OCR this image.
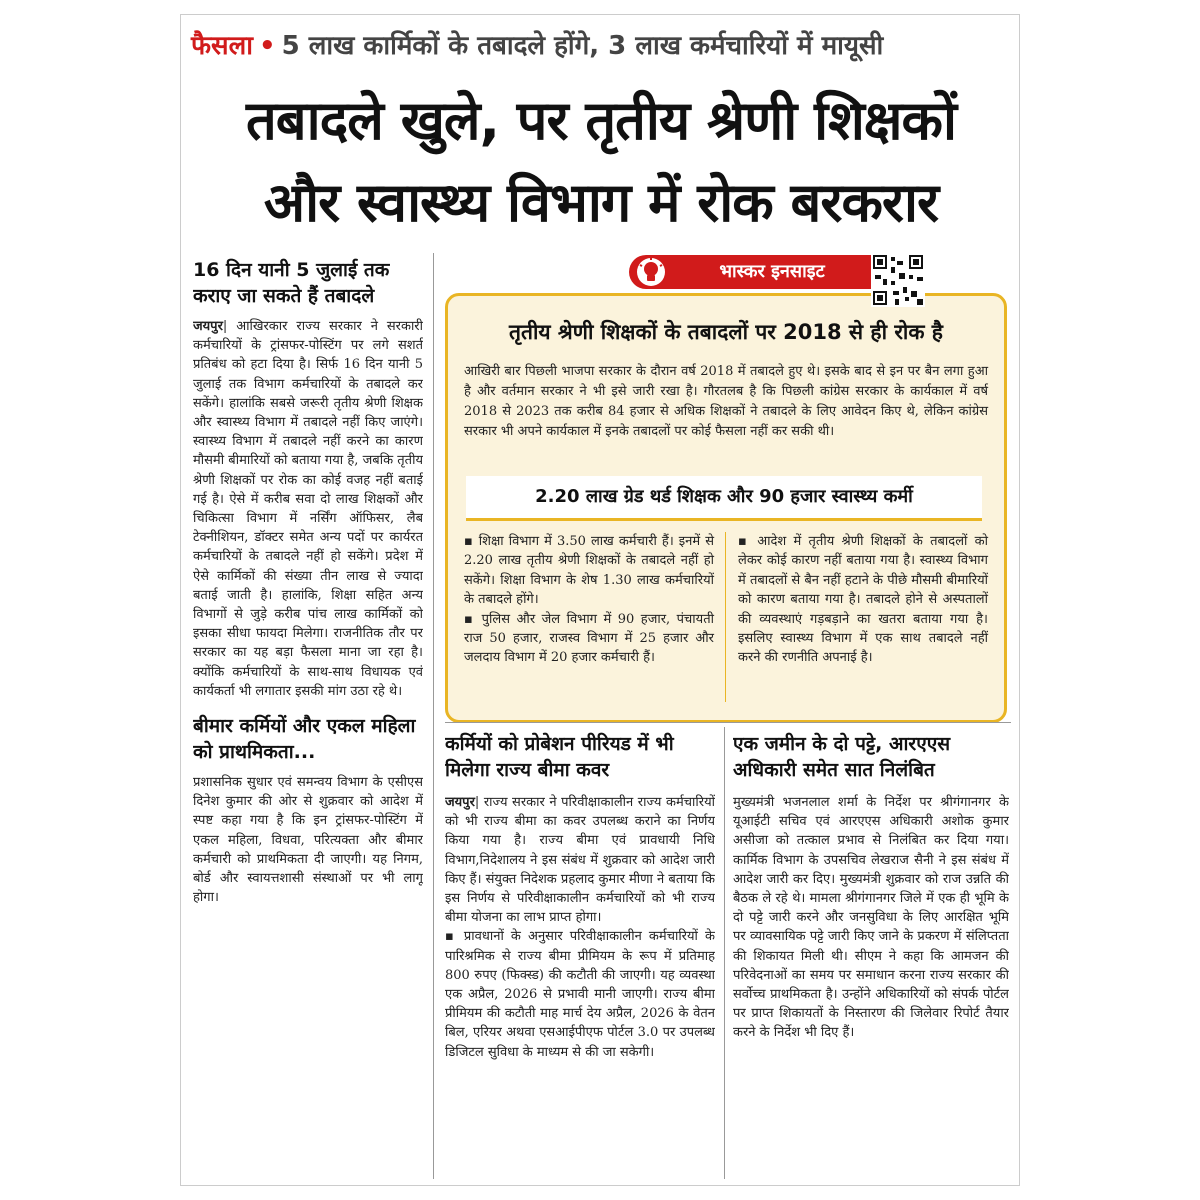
फैसला • 5 लाख कार्मिकों के तबादले होंगे, 3 लाख कर्मचारियों में मायूसी
तबादले खुले, पर तृतीय श्रेणी शिक्षकों
और स्वास्थ्य विभाग में रोक बरकरार
16 दिन यानी 5 जुलाई तक कराए जा सकते हैं तबादले

जयपुर| आखिरकार राज्य सरकार ने सरकारी कर्मचारियों के ट्रांसफर-पोस्टिंग पर लगे सशर्त प्रतिबंध को हटा दिया है। सिर्फ 16 दिन यानी 5 जुलाई तक विभाग कर्मचारियों के तबादले कर सकेंगे। हालांकि सबसे जरूरी तृतीय श्रेणी शिक्षक और स्वास्थ्य विभाग में तबादले नहीं किए जाएंगे। स्वास्थ्य विभाग में तबादले नहीं करने का कारण मौसमी बीमारियों को बताया गया है, जबकि तृतीय श्रेणी शिक्षकों पर रोक का कोई वजह नहीं बताई गई है। ऐसे में करीब सवा दो लाख शिक्षकों और चिकित्सा विभाग में नर्सिंग ऑफिसर, लैब टेक्नीशियन, डॉक्टर समेत अन्य पदों पर कार्यरत कर्मचारियों के तबादले नहीं हो सकेंगे। प्रदेश में ऐसे कार्मिकों की संख्या तीन लाख से ज्यादा बताई जाती है। हालांकि, शिक्षा सहित अन्य विभागों से जुड़े करीब पांच लाख कार्मिकों को इसका सीधा फायदा मिलेगा। राजनीतिक तौर पर सरकार का यह बड़ा फैसला माना जा रहा है। क्योंकि कर्मचारियों के साथ-साथ विधायक एवं कार्यकर्ता भी लगातार इसकी मांग उठा रहे थे।

बीमार कर्मियों और एकल महिला को प्राथमिकता...

प्रशासनिक सुधार एवं समन्वय विभाग के एसीएस दिनेश कुमार की ओर से शुक्रवार को आदेश में स्पष्ट कहा गया है कि इन ट्रांसफर-पोस्टिंग में एकल महिला, विधवा, परित्यक्ता और बीमार कर्मचारी को प्राथमिकता दी जाएगी। यह निगम, बोर्ड और स्वायत्तशासी संस्थाओं पर भी लागू होगा।

तृतीय श्रेणी शिक्षकों के तबादलों पर 2018 से ही रोक है

आखिरी बार पिछली भाजपा सरकार के दौरान वर्ष 2018 में तबादले हुए थे। इसके बाद से इन पर बैन लगा हुआ है और वर्तमान सरकार ने भी इसे जारी रखा है। गौरतलब है कि पिछली कांग्रेस सरकार के कार्यकाल में वर्ष 2018 से 2023 तक करीब 84 हजार से अधिक शिक्षकों ने तबादले के लिए आवेदन किए थे, लेकिन कांग्रेस सरकार भी अपने कार्यकाल में इनके तबादलों पर कोई फैसला नहीं कर सकी थी।

2.20 लाख ग्रेड थर्ड शिक्षक और 90 हजार स्वास्थ्य कर्मी

▪ शिक्षा विभाग में 3.50 लाख कर्मचारी हैं। इनमें से 2.20 लाख तृतीय श्रेणी शिक्षकों के तबादले नहीं हो सकेंगे। शिक्षा विभाग के शेष 1.30 लाख कर्मचारियों के तबादले होंगे।

▪ पुलिस और जेल विभाग में 90 हजार, पंचायती राज 50 हजार, राजस्व विभाग में 25 हजार और जलदाय विभाग में 20 हजार कर्मचारी हैं।

▪ आदेश में तृतीय श्रेणी शिक्षकों के तबादलों को लेकर कोई कारण नहीं बताया गया है। स्वास्थ्य विभाग में तबादलों से बैन नहीं हटाने के पीछे मौसमी बीमारियों को कारण बताया गया है। तबादले होने से अस्पतालों की व्यवस्थाएं गड़बड़ाने का खतरा बताया गया है। इसलिए स्वास्थ्य विभाग में एक साथ तबादले नहीं करने की रणनीति अपनाई है।

भास्कर इनसाइट
कर्मियों को प्रोबेशन पीरियड में भी मिलेगा राज्य बीमा कवर

जयपुर| राज्य सरकार ने परिवीक्षाकालीन राज्य कर्मचारियों को भी राज्य बीमा का कवर उपलब्ध कराने का निर्णय किया गया है। राज्य बीमा एवं प्रावधायी निधि विभाग,निदेशालय ने इस संबंध में शुक्रवार को आदेश जारी किए हैं। संयुक्त निदेशक प्रहलाद कुमार मीणा ने बताया कि इस निर्णय से परिवीक्षाकालीन कर्मचारियों को भी राज्य बीमा योजना का लाभ प्राप्त होगा।

▪ प्रावधानों के अनुसार परिवीक्षाकालीन कर्मचारियों के पारिश्रमिक से राज्य बीमा प्रीमियम के रूप में प्रतिमाह 800 रुपए (फिक्स्ड) की कटौती की जाएगी। यह व्यवस्था एक अप्रैल, 2026 से प्रभावी मानी जाएगी। राज्य बीमा प्रीमियम की कटौती माह मार्च देय अप्रैल, 2026 के वेतन बिल, एरियर अथवा एसआईपीएफ पोर्टल 3.0 पर उपलब्ध डिजिटल सुविधा के माध्यम से की जा सकेगी।

एक जमीन के दो पट्टे, आरएएस अधिकारी समेत सात निलंबित

मुख्यमंत्री भजनलाल शर्मा के निर्देश पर श्रीगंगानगर के यूआईटी सचिव एवं आरएएस अधिकारी अशोक कुमार असीजा को तत्काल प्रभाव से निलंबित कर दिया गया। कार्मिक विभाग के उपसचिव लेखराज सैनी ने इस संबंध में आदेश जारी कर दिए। मुख्यमंत्री शुक्रवार को राज उन्नति की बैठक ले रहे थे। मामला श्रीगंगानगर जिले में एक ही भूमि के दो पट्टे जारी करने और जनसुविधा के लिए आरक्षित भूमि पर व्यावसायिक पट्टे जारी किए जाने के प्रकरण में संलिप्तता की शिकायत मिली थी। सीएम ने कहा कि आमजन की परिवेदनाओं का समय पर समाधान करना राज्य सरकार की सर्वोच्च प्राथमिकता है। उन्होंने अधिकारियों को संपर्क पोर्टल पर प्राप्त शिकायतों के निस्तारण की जिलेवार रिपोर्ट तैयार करने के निर्देश भी दिए हैं।
